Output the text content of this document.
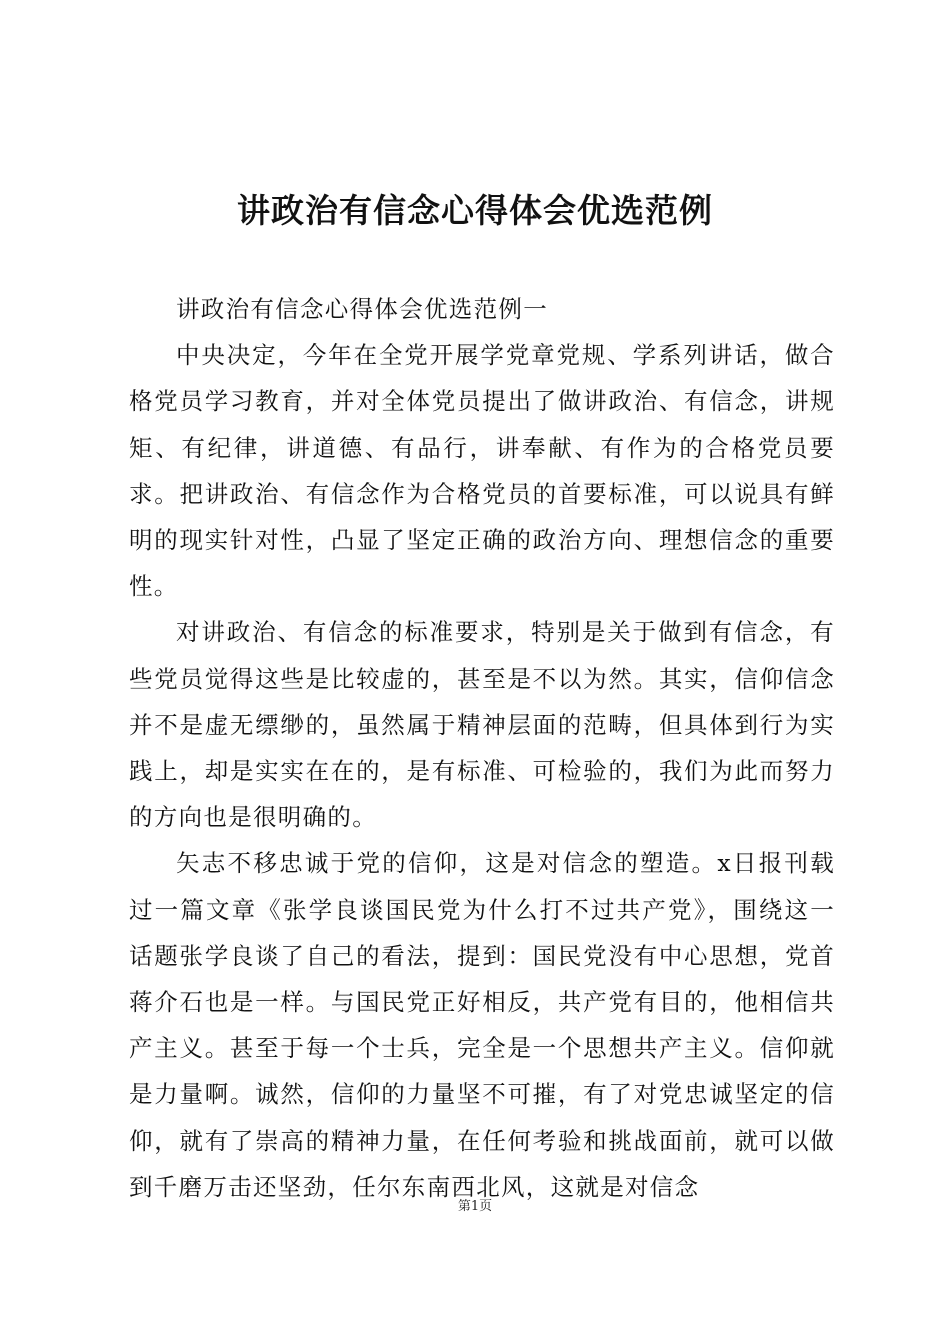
讲政治有信念心得体会优选范例

讲政治有信念心得体会优选范例一

中央决定，今年在全党开展学党章党规、学系列讲话，做合格党员学习教育，并对全体党员提出了做讲政治、有信念，讲规矩、有纪律，讲道德、有品行，讲奉献、有作为的合格党员要求。把讲政治、有信念作为合格党员的首要标准，可以说具有鲜明的现实针对性，凸显了坚定正确的政治方向、理想信念的重要性。

对讲政治、有信念的标准要求，特别是关于做到有信念，有些党员觉得这些是比较虚的，甚至是不以为然。其实，信仰信念并不是虚无缥缈的，虽然属于精神层面的范畴，但具体到行为实践上，却是实实在在的，是有标准、可检验的，我们为此而努力的方向也是很明确的。

矢志不移忠诚于党的信仰，这是对信念的塑造。x日报刊载过一篇文章《张学良谈国民党为什么打不过共产党》，围绕这一话题张学良谈了自己的看法，提到：国民党没有中心思想，党首蒋介石也是一样。与国民党正好相反，共产党有目的，他相信共产主义。甚至于每一个士兵，完全是一个思想共产主义。信仰就是力量啊。诚然，信仰的力量坚不可摧，有了对党忠诚坚定的信仰，就有了崇高的精神力量，在任何考验和挑战面前，就可以做到千磨万击还坚劲，任尔东南西北风，这就是对信念

第1页
